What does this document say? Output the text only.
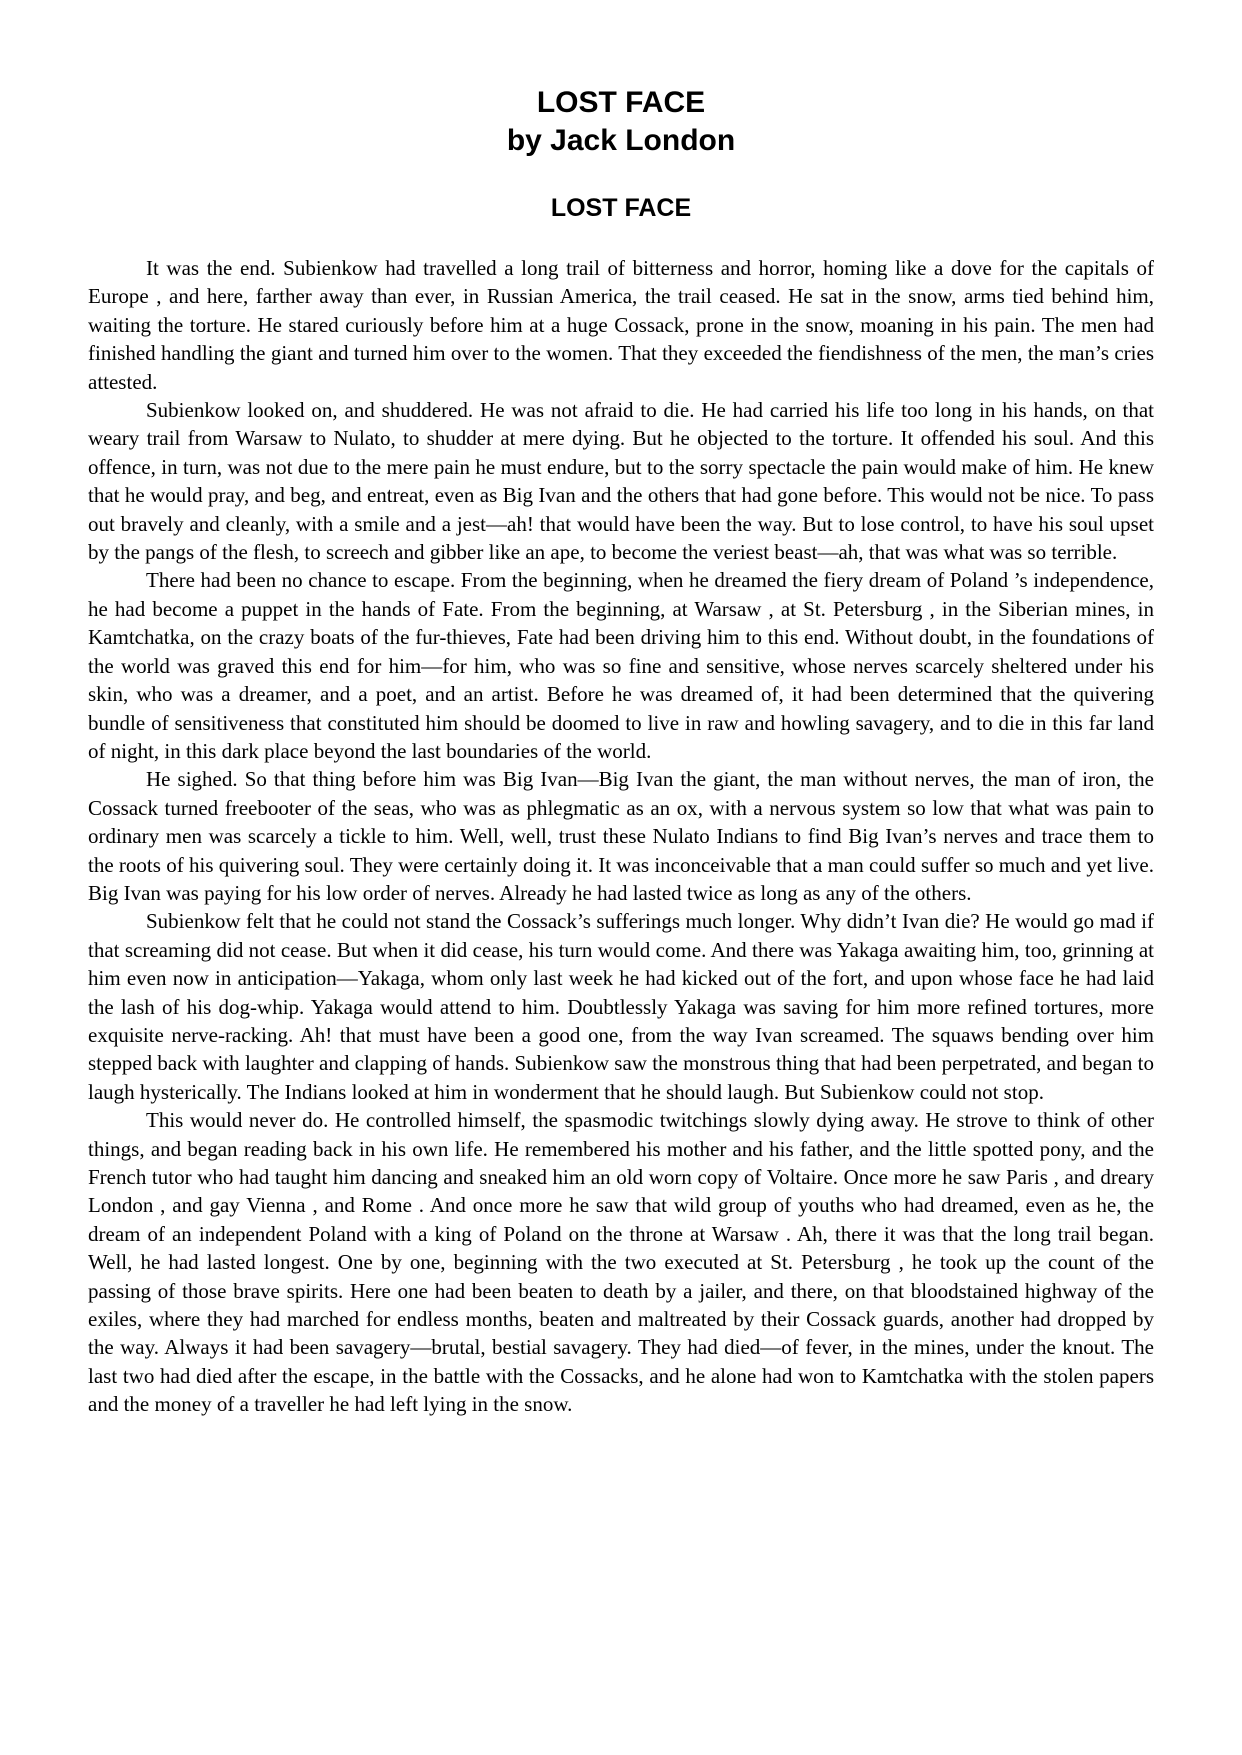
LOST FACE
by Jack London
LOST FACE

It was the end. Subienkow had travelled a long trail of bitterness and horror, homing like a dove for the capitals of Europe , and here, farther away than ever, in Russian America, the trail ceased. He sat in the snow, arms tied behind him, waiting the torture. He stared curiously before him at a huge Cossack, prone in the snow, moaning in his pain. The men had finished handling the giant and turned him over to the women. That they exceeded the fiendishness of the men, the man’s cries attested.

Subienkow looked on, and shuddered. He was not afraid to die. He had carried his life too long in his hands, on that weary trail from Warsaw to Nulato, to shudder at mere dying. But he objected to the torture. It offended his soul. And this offence, in turn, was not due to the mere pain he must endure, but to the sorry spectacle the pain would make of him. He knew that he would pray, and beg, and entreat, even as Big Ivan and the others that had gone before. This would not be nice. To pass out bravely and cleanly, with a smile and a jest—ah! that would have been the way. But to lose control, to have his soul upset by the pangs of the flesh, to screech and gibber like an ape, to become the veriest beast—ah, that was what was so terrible.

There had been no chance to escape. From the beginning, when he dreamed the fiery dream of Poland ’s independence, he had become a puppet in the hands of Fate. From the beginning, at Warsaw , at St. Petersburg , in the Siberian mines, in Kamtchatka, on the crazy boats of the fur-thieves, Fate had been driving him to this end. Without doubt, in the foundations of the world was graved this end for him—for him, who was so fine and sensitive, whose nerves scarcely sheltered under his skin, who was a dreamer, and a poet, and an artist. Before he was dreamed of, it had been determined that the quivering bundle of sensitiveness that constituted him should be doomed to live in raw and howling savagery, and to die in this far land of night, in this dark place beyond the last boundaries of the world.

He sighed. So that thing before him was Big Ivan—Big Ivan the giant, the man without nerves, the man of iron, the Cossack turned freebooter of the seas, who was as phlegmatic as an ox, with a nervous system so low that what was pain to ordinary men was scarcely a tickle to him. Well, well, trust these Nulato Indians to find Big Ivan’s nerves and trace them to the roots of his quivering soul. They were certainly doing it. It was inconceivable that a man could suffer so much and yet live. Big Ivan was paying for his low order of nerves. Already he had lasted twice as long as any of the others.

Subienkow felt that he could not stand the Cossack’s sufferings much longer. Why didn’t Ivan die? He would go mad if that screaming did not cease. But when it did cease, his turn would come. And there was Yakaga awaiting him, too, grinning at him even now in anticipation—Yakaga, whom only last week he had kicked out of the fort, and upon whose face he had laid the lash of his dog-whip. Yakaga would attend to him. Doubtlessly Yakaga was saving for him more refined tortures, more exquisite nerve-racking. Ah! that must have been a good one, from the way Ivan screamed. The squaws bending over him stepped back with laughter and clapping of hands. Subienkow saw the monstrous thing that had been perpetrated, and began to laugh hysterically. The Indians looked at him in wonderment that he should laugh. But Subienkow could not stop.

This would never do. He controlled himself, the spasmodic twitchings slowly dying away. He strove to think of other things, and began reading back in his own life. He remembered his mother and his father, and the little spotted pony, and the French tutor who had taught him dancing and sneaked him an old worn copy of Voltaire. Once more he saw Paris , and dreary London , and gay Vienna , and Rome . And once more he saw that wild group of youths who had dreamed, even as he, the dream of an independent Poland with a king of Poland on the throne at Warsaw . Ah, there it was that the long trail began. Well, he had lasted longest. One by one, beginning with the two executed at St. Petersburg , he took up the count of the passing of those brave spirits. Here one had been beaten to death by a jailer, and there, on that bloodstained highway of the exiles, where they had marched for endless months, beaten and maltreated by their Cossack guards, another had dropped by the way. Always it had been savagery—brutal, bestial savagery. They had died—of fever, in the mines, under the knout. The last two had died after the escape, in the battle with the Cossacks, and he alone had won to Kamtchatka with the stolen papers and the money of a traveller he had left lying in the snow.
